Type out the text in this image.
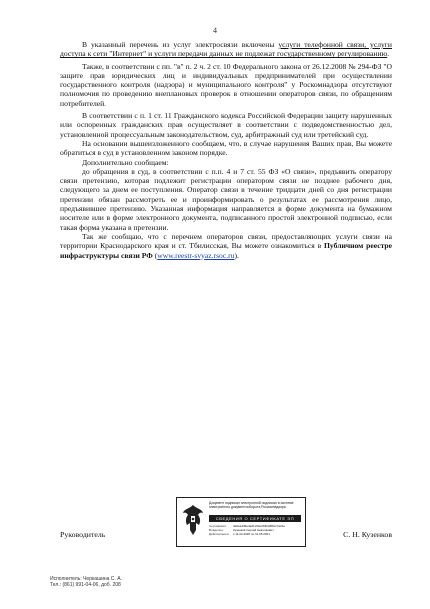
4

В указанный перечень из услуг электросвязи включены услуги телефонной связи, услуги доступа к сети "Интернет" и услуги передачи данных не подлежат государственному регулированию.

Также, в соответствии с пп. "в" п. 2 ч. 2 ст. 10 Федерального закона от 26.12.2008 № 294-ФЗ "О защите прав юридических лиц и индивидуальных предпринимателей при осуществлении государственного контроля (надзора) и муниципального контроля" у Роскомнадзора отсутствуют полномочия по проведению внеплановых проверок в отношении операторов связи, по обращениям потребителей.

В соответствии с п. 1 ст. 11 Гражданского кодекса Российской Федерации защиту нарушенных или оспоренных гражданских прав осуществляет в соответствии с подведомственностью дел, установленной процессуальным законодательством, суд, арбитражный суд или третейский суд.

На основании вышеизложенного сообщаем, что, в случае нарушения Ваших прав, Вы можете обратиться в суд в установленном законом порядке.

Дополнительно сообщаем:

до обращения в суд, в соответствии с п.п. 4 и 7 ст. 55 ФЗ «О связи», предъявить оператору связи претензию, которая подлежит регистрации оператором связи не позднее рабочего дня, следующего за днем ее поступления. Оператор связи в течение тридцати дней со дня регистрации претензии обязан рассмотреть ее и проинформировать о результатах ее рассмотрения лицо, предъявившее претензию. Указанная информация направляется в форме документа на бумажном носителе или в форме электронного документа, подписанного простой электронной подписью, если такая форма указана в претензии.

Так же сообщаю, что с перечнем операторов связи, предоставляющих услуги связи на территории Краснодарского края и ст. Тбилисская, Вы можете ознакомиться в Публичном реестре инфраструктуры связи РФ (www.reestr-svyaz.rsoc.ru).

Руководитель	С. Н. Кузенков
Документ подписан электронной подписью в системе электронного документооборота Роскомнадзора
СВЕДЕНИЯ О СЕРТИФИКАТЕ ЭП
Сертификат:	4a6ea4d9e4a01c62e2b3f4d59cc7a21e
Владелец:	Кузенков Сергей Николаевич
Действителен:	с 11.02.2020 по 11.05.2021
Исполнитель: Черкашина С. А.
Тел.: (861) 991-04-06, доб. 208
